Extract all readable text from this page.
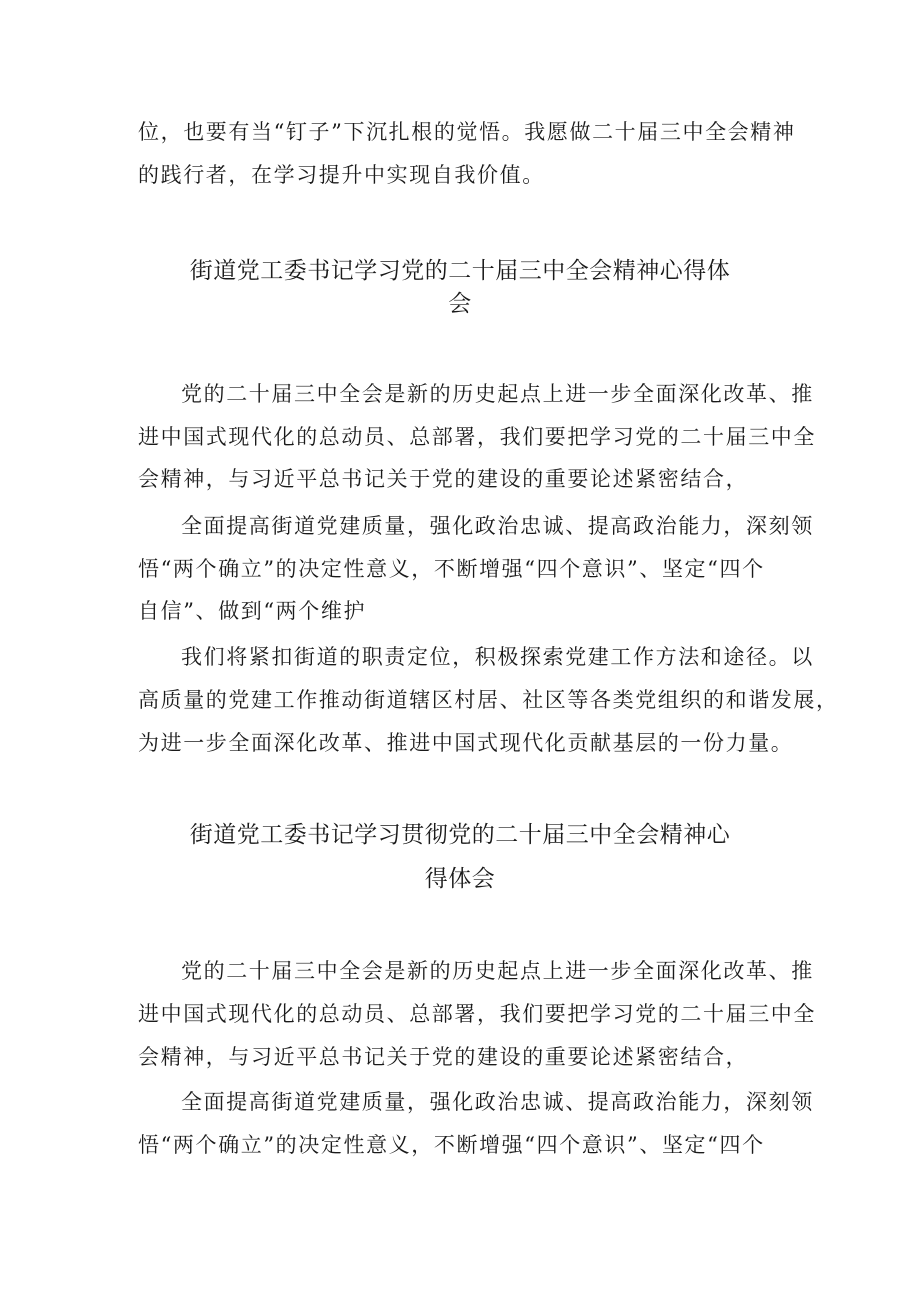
位，也要有当“钉子”下沉扎根的觉悟。我愿做二十届三中全会精神
的践行者，在学习提升中实现自我价值。
街道党工委书记学习党的二十届三中全会精神心得体
会
党的二十届三中全会是新的历史起点上进一步全面深化改革、推
进中国式现代化的总动员、总部署，我们要把学习党的二十届三中全
会精神，与习近平总书记关于党的建设的重要论述紧密结合，
全面提高街道党建质量，强化政治忠诚、提高政治能力，深刻领
悟“两个确立”的决定性意义，不断增强“四个意识”、坚定“四个
自信”、做到“两个维护
我们将紧扣街道的职责定位，积极探索党建工作方法和途径。以
高质量的党建工作推动街道辖区村居、社区等各类党组织的和谐发展，
为进一步全面深化改革、推进中国式现代化贡献基层的一份力量。
街道党工委书记学习贯彻党的二十届三中全会精神心
得体会
党的二十届三中全会是新的历史起点上进一步全面深化改革、推
进中国式现代化的总动员、总部署，我们要把学习党的二十届三中全
会精神，与习近平总书记关于党的建设的重要论述紧密结合，
全面提高街道党建质量，强化政治忠诚、提高政治能力，深刻领
悟“两个确立”的决定性意义，不断增强“四个意识”、坚定“四个
